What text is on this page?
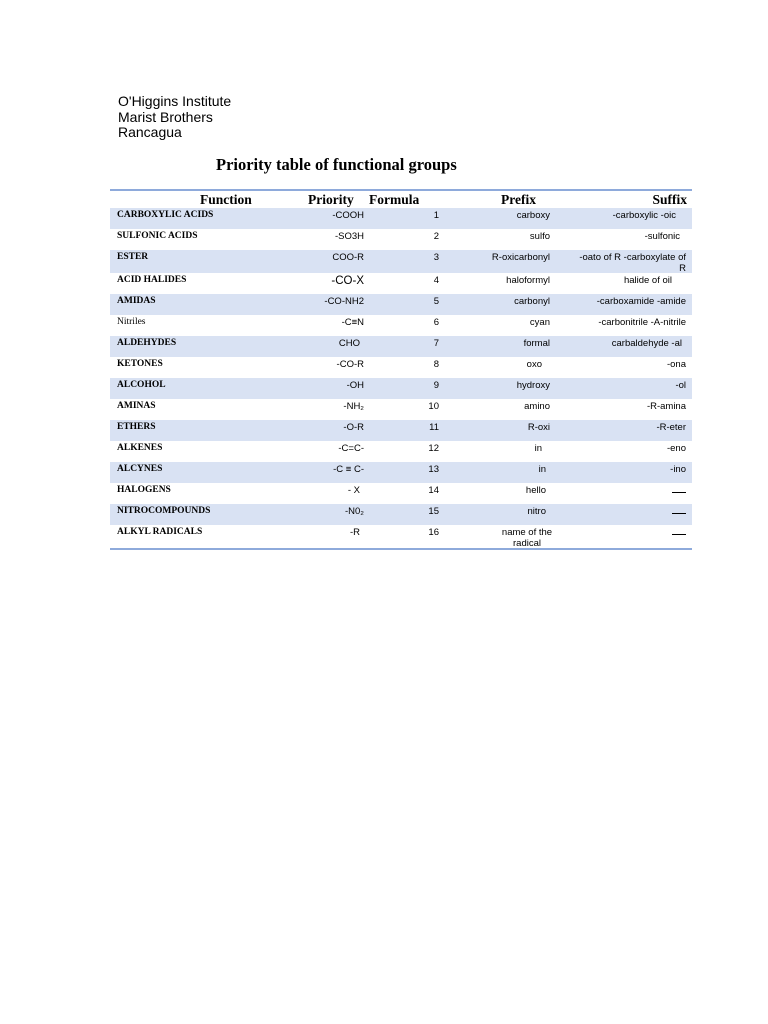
O'Higgins Institute
Marist Brothers
Rancagua
Priority table of functional groups
Function	Priority Formula	Prefix	Suffix
CARBOXYLIC ACIDS	-COOH	1	carboxy	-carboxylic -oic
SULFONIC ACIDS	-SO3H	2	sulfo	-sulfonic
ESTER	COO-R	3	R-oxicarbonyl	-oato of R -carboxylate of R
ACID HALIDES	-CO-X	4	haloformyl	halide of oil
AMIDAS	-CO-NH2	5	carbonyl	-carboxamide -amide
Nitriles	-C≡N	6	cyan	-carbonitrile -A-nitrile
ALDEHYDES	CHO	7	formal	carbaldehyde -al
KETONES	-CO-R	8	oxo	-ona
ALCOHOL	-OH	9	hydroxy	-ol
AMINAS	-NH₂	10	amino	-R-amina
ETHERS	-O-R	11	R-oxi	-R-eter
ALKENES	-C=C-	12	in	-eno
ALCYNES	-C ≡ C-	13	in	-ino
HALOGENS	- X	14	hello
NITROCOMPOUNDS	-N0₂	15	nitro
ALKYL RADICALS	-R	16	name of the radical
